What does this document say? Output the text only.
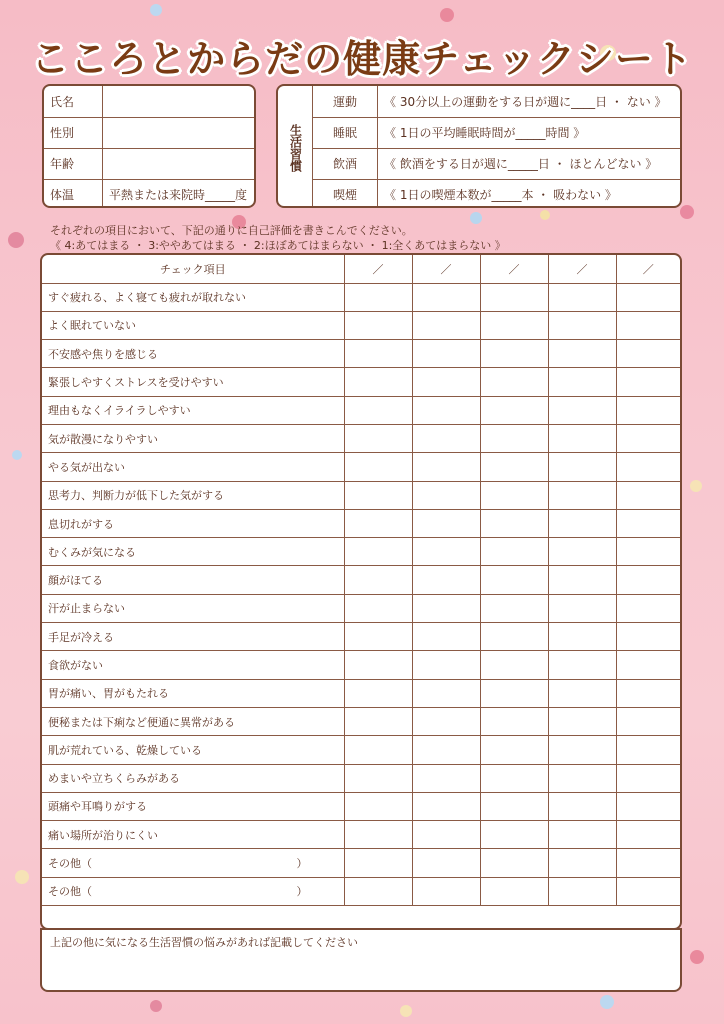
こころとからだの健康チェックシート
氏名	
性別	
年齢	
体温	平熱または来院時_____度
生活習慣	運動	《 30分以上の運動をする日が週に____日 ・ ない 》
	睡眠	《 1日の平均睡眠時間が_____時間 》
	飲酒	《 飲酒をする日が週に_____日 ・ ほとんどない 》
	喫煙	《 1日の喫煙本数が_____本 ・ 吸わない 》
それぞれの項目において、下記の通りに自己評価を書きこんでください。
《 4:あてはまる ・ 3:ややあてはまる ・ 2:ほぼあてはまらない ・ 1:全くあてはまらない 》
チェック項目	／	／	／	／	／
すぐ疲れる、よく寝ても疲れが取れない					
よく眠れていない					
不安感や焦りを感じる					
緊張しやすくストレスを受けやすい					
理由もなくイライラしやすい					
気が散漫になりやすい					
やる気が出ない					
思考力、判断力が低下した気がする					
息切れがする					
むくみが気になる					
顔がほてる					
汗が止まらない					
手足が冷える					
食欲がない					
胃が痛い、胃がもたれる					
便秘または下痢など便通に異常がある					
肌が荒れている、乾燥している					
めまいや立ちくらみがある					
頭痛や耳鳴りがする					
痛い場所が治りにくい					
その他（ ）					

その他（ ）					

上記の他に気になる生活習慣の悩みがあれば記載してください
